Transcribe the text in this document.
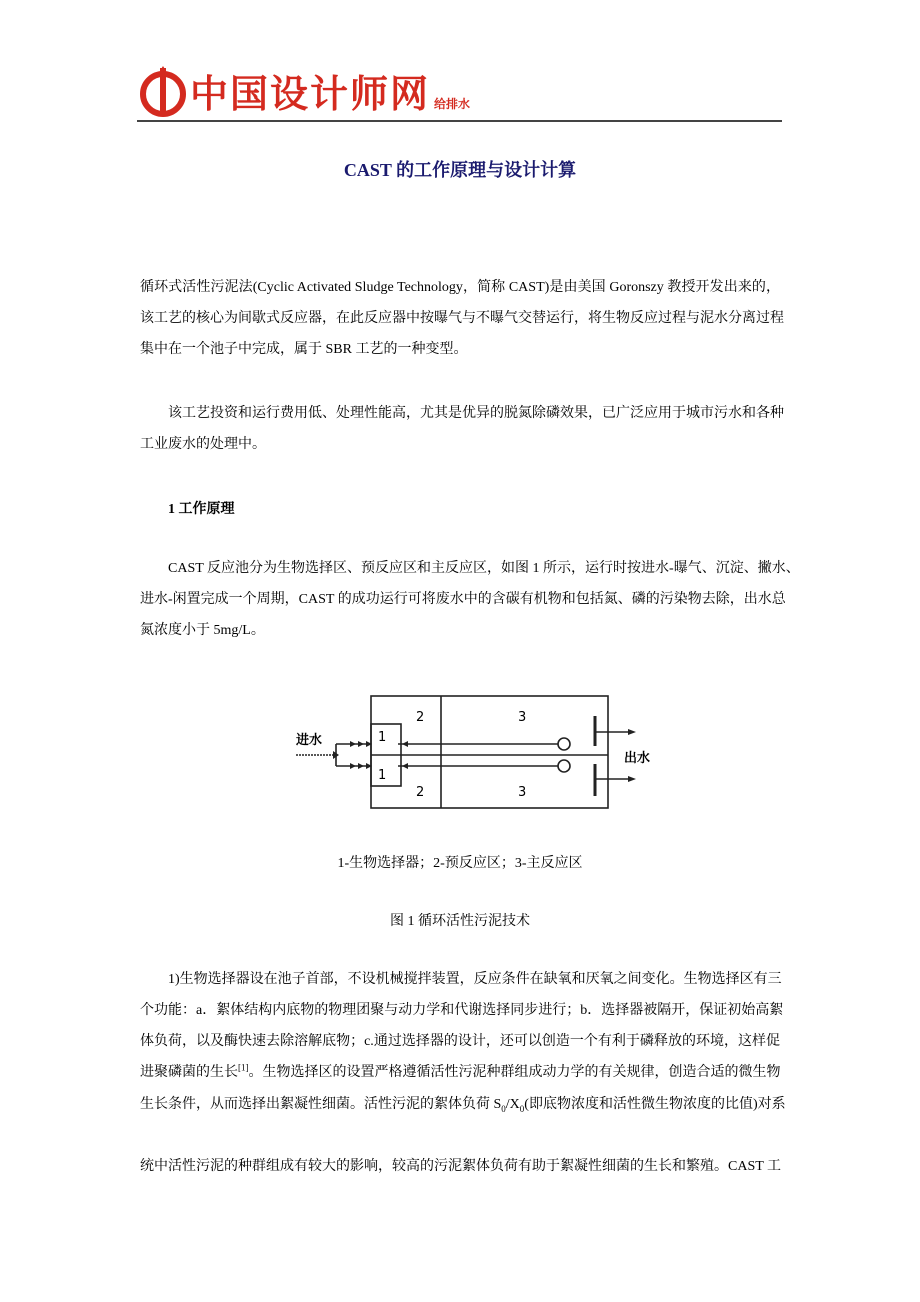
中国设计师网 给排水
CAST 的工作原理与设计计算
循环式活性污泥法(Cyclic Activated Sludge Technology，简称 CAST)是由美国 Goronszy 教授开发出来的，
该工艺的核心为间歇式反应器，在此反应器中按曝气与不曝气交替运行，将生物反应过程与泥水分离过程
集中在一个池子中完成，属于 SBR 工艺的一种变型。
该工艺投资和运行费用低、处理性能高，尤其是优异的脱氮除磷效果，已广泛应用于城市污水和各种
工业废水的处理中。
1 工作原理
CAST 反应池分为生物选择区、预反应区和主反应区，如图 1 所示，运行时按进水-曝气、沉淀、撇水、
进水-闲置完成一个周期，CAST 的成功运行可将废水中的含碳有机物和包括氮、磷的污染物去除，出水总
氮浓度小于 5mg/L。
进水
出水
1
1
2
2
3
3
1-生物选择器；2-预反应区；3-主反应区
图 1 循环活性污泥技术
1)生物选择器设在池子首部，不设机械搅拌装置，反应条件在缺氧和厌氧之间变化。生物选择区有三
个功能：a．絮体结构内底物的物理团聚与动力学和代谢选择同步进行；b．选择器被隔开，保证初始高絮
体负荷，以及酶快速去除溶解底物；c.通过选择器的设计，还可以创造一个有利于磷释放的环境，这样促
进聚磷菌的生长[1]。生物选择区的设置严格遵循活性污泥种群组成动力学的有关规律，创造合适的微生物
生长条件，从而选择出絮凝性细菌。活性污泥的絮体负荷 $S_0/X_0$(即底物浓度和活性微生物浓度的比值)对系
统中活性污泥的种群组成有较大的影响，较高的污泥絮体负荷有助于絮凝性细菌的生长和繁殖。CAST 工
